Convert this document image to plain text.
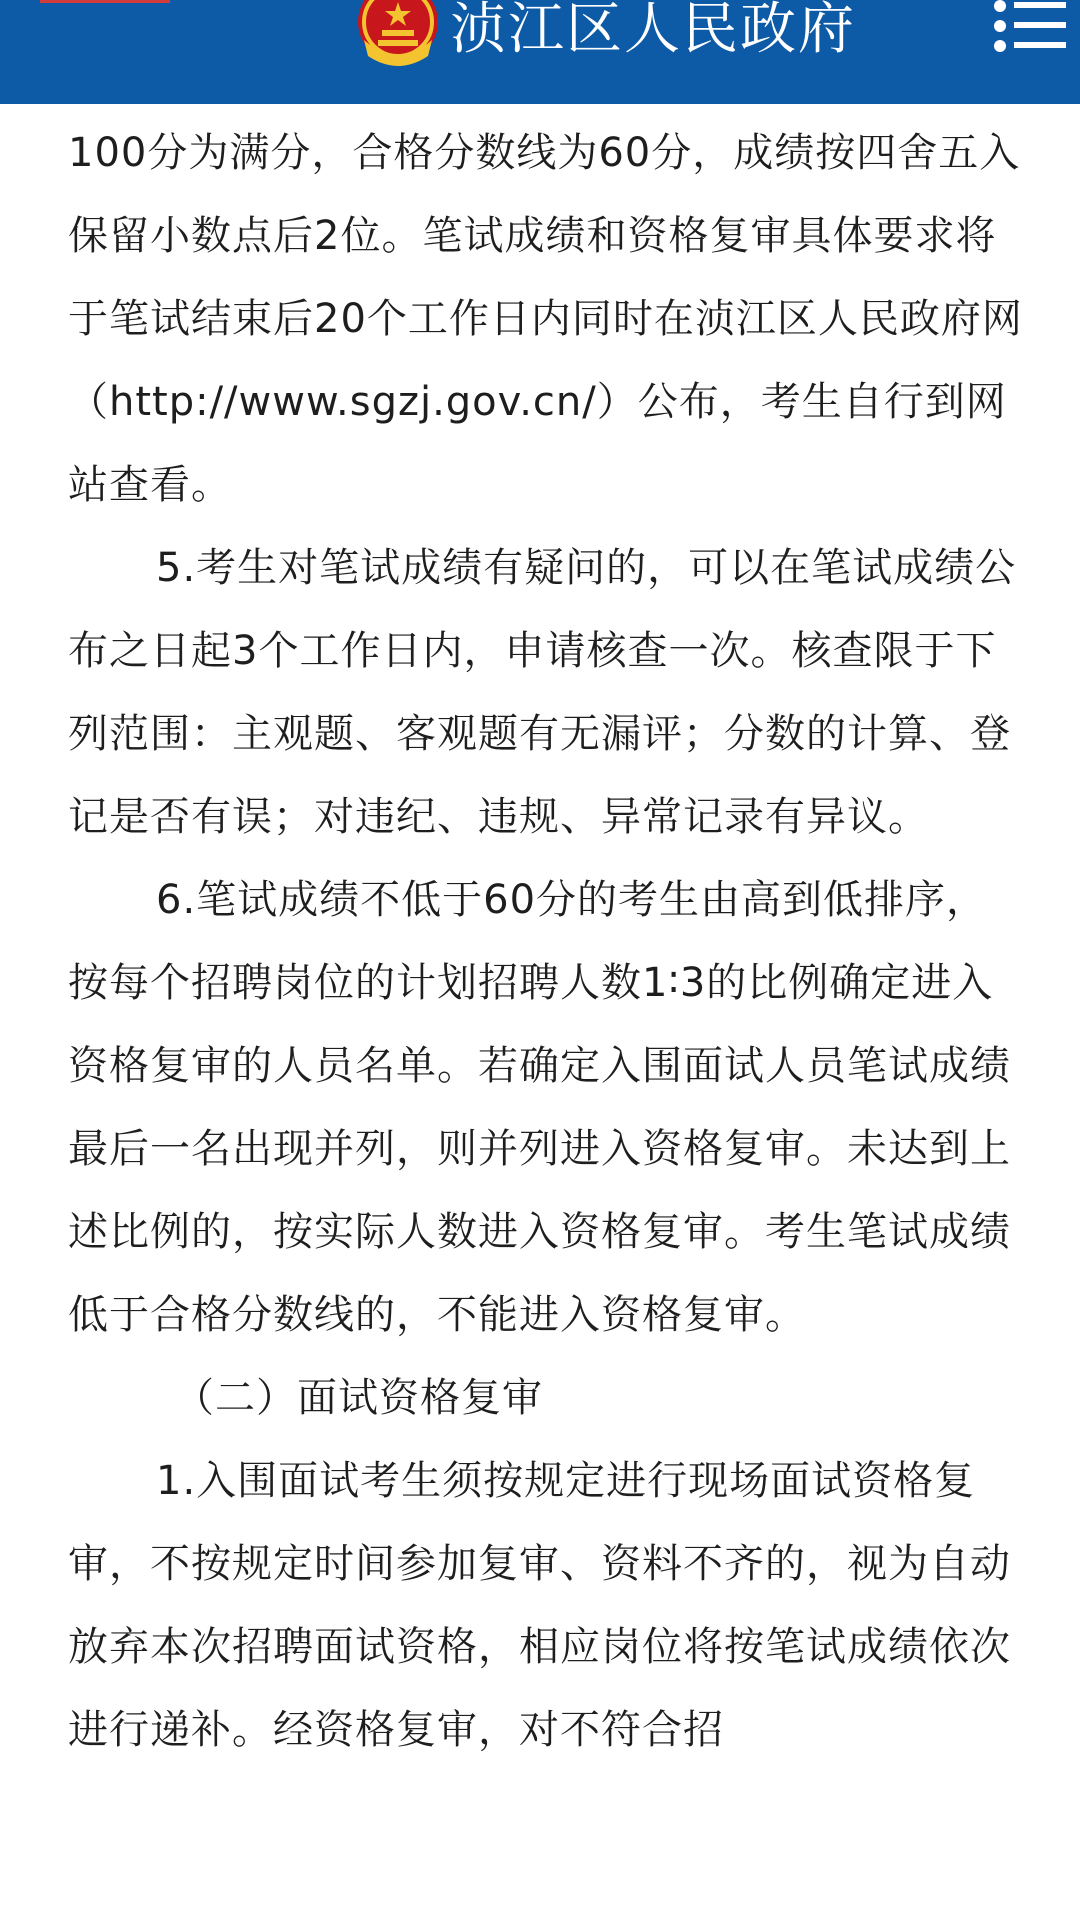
浈江区人民政府

100分为满分，合格分数线为60分，成绩按四舍五入保留小数点后2位。笔试成绩和资格复审具体要求将于笔试结束后20个工作日内同时在浈江区人民政府网（http://www.sgzj.gov.cn/）公布，考生自行到网站查看。

5.考生对笔试成绩有疑问的，可以在笔试成绩公布之日起3个工作日内，申请核查一次。核查限于下列范围：主观题、客观题有无漏评；分数的计算、登记是否有误；对违纪、违规、异常记录有异议。

6.笔试成绩不低于60分的考生由高到低排序，按每个招聘岗位的计划招聘人数1∶3的比例确定进入资格复审的人员名单。若确定入围面试人员笔试成绩最后一名出现并列，则并列进入资格复审。未达到上述比例的，按实际人数进入资格复审。考生笔试成绩低于合格分数线的，不能进入资格复审。

（二）面试资格复审

1.入围面试考生须按规定进行现场面试资格复审，不按规定时间参加复审、资料不齐的，视为自动放弃本次招聘面试资格，相应岗位将按笔试成绩依次进行递补。经资格复审，对不符合招
